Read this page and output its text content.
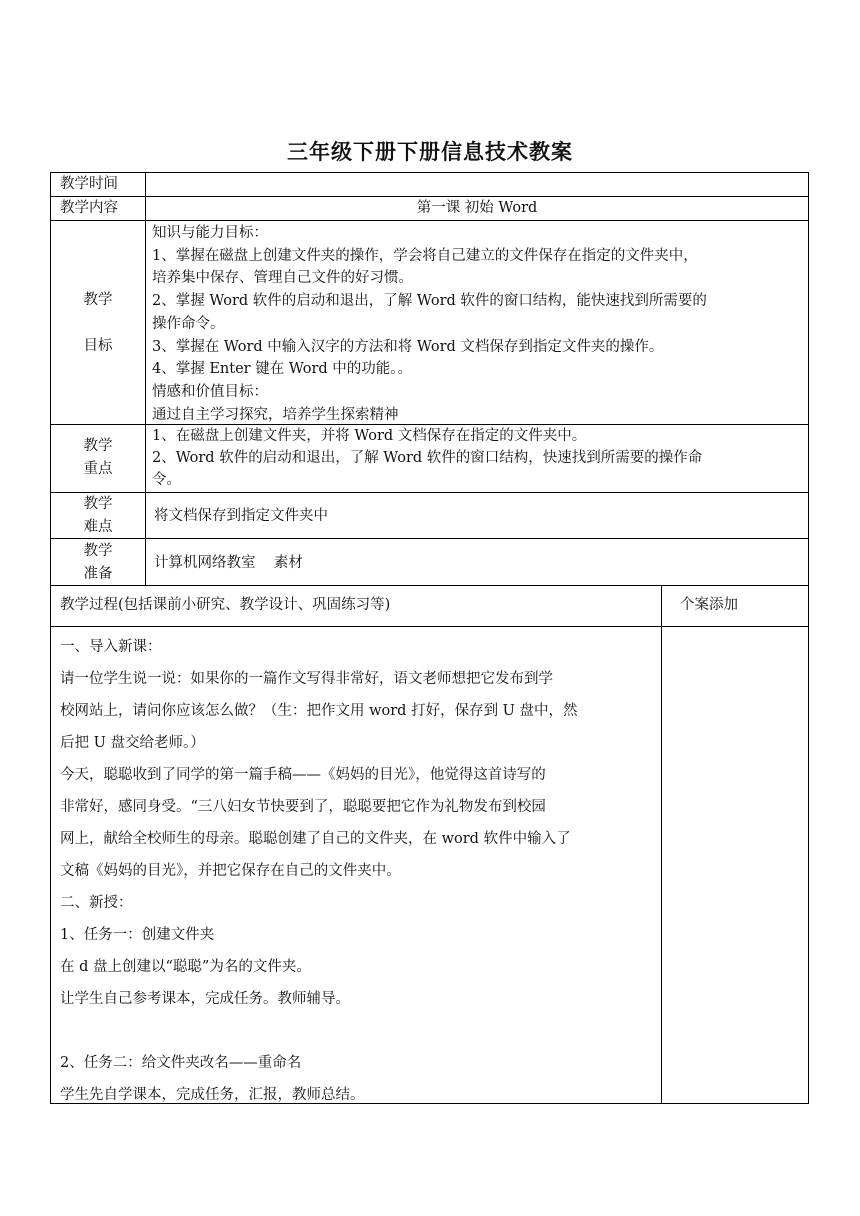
三年级下册下册信息技术教案

教学时间

教学内容	第一课 初始 Word

教学

目标

知识与能力目标：

1、掌握在磁盘上创建文件夹的操作，学会将自己建立的文件保存在指定的文件夹中，

培养集中保存、管理自己文件的好习惯。

2、掌握 Word 软件的启动和退出，了解 Word 软件的窗口结构，能快速找到所需要的

操作命令。

3、掌握在 Word 中输入汉字的方法和将 Word 文档保存到指定文件夹的操作。

4、掌握 Enter 键在 Word 中的功能。。

情感和价值目标：

通过自主学习探究，培养学生探索精神

教学

重点

1、在磁盘上创建文件夹，并将 Word 文档保存在指定的文件夹中。

2、Word 软件的启动和退出，了解 Word 软件的窗口结构，快速找到所需要的操作命

令。

教学

难点

将文档保存到指定文件夹中

教学

准备

计算机网络教室    素材

教学过程(包括课前小研究、教学设计、巩固练习等)	个案添加

一、导入新课：

请一位学生说一说：如果你的一篇作文写得非常好，语文老师想把它发布到学

校网站上，请问你应该怎么做？（生：把作文用 word 打好，保存到 U 盘中，然

后把 U 盘交给老师。）

今天，聪聪收到了同学的第一篇手稿——《妈妈的目光》，他觉得这首诗写的

非常好，感同身受。“三八妇女节快要到了，聪聪要把它作为礼物发布到校园

网上，献给全校师生的母亲。聪聪创建了自己的文件夹，在 word 软件中输入了

文稿《妈妈的目光》，并把它保存在自己的文件夹中。

二、新授：

1、任务一：创建文件夹

在 d 盘上创建以“聪聪”为名的文件夹。

让学生自己参考课本，完成任务。教师辅导。

2、任务二：给文件夹改名——重命名

学生先自学课本，完成任务，汇报，教师总结。
